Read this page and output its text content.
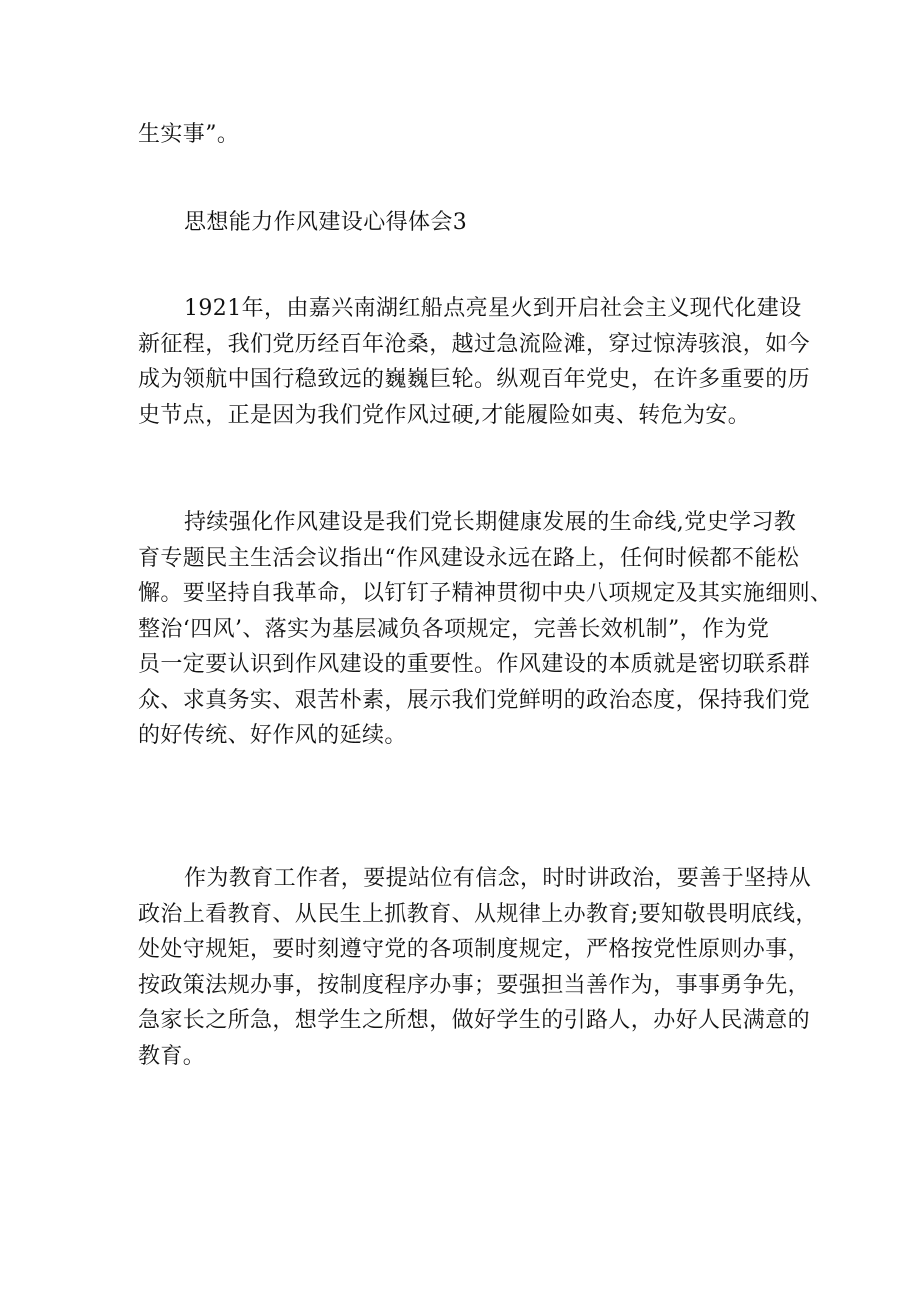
生实事”。
思想能力作风建设心得体会3
1921年，由嘉兴南湖红船点亮星火到开启社会主义现代化建设
新征程，我们党历经百年沧桑，越过急流险滩，穿过惊涛骇浪，如今
成为领航中国行稳致远的巍巍巨轮。纵观百年党史，在许多重要的历
史节点，正是因为我们党作风过硬,才能履险如夷、转危为安。
持续强化作风建设是我们党长期健康发展的生命线,党史学习教
育专题民主生活会议指出“作风建设永远在路上，任何时候都不能松
懈。要坚持自我革命，以钉钉子精神贯彻中央八项规定及其实施细则、
整治‘四风’、落实为基层减负各项规定，完善长效机制”，作为党
员一定要认识到作风建设的重要性。作风建设的本质就是密切联系群
众、求真务实、艰苦朴素，展示我们党鲜明的政治态度，保持我们党
的好传统、好作风的延续。
作为教育工作者，要提站位有信念，时时讲政治，要善于坚持从
政治上看教育、从民生上抓教育、从规律上办教育;要知敬畏明底线，
处处守规矩，要时刻遵守党的各项制度规定，严格按党性原则办事，
按政策法规办事，按制度程序办事；要强担当善作为，事事勇争先，
急家长之所急，想学生之所想，做好学生的引路人，办好人民满意的
教育。
